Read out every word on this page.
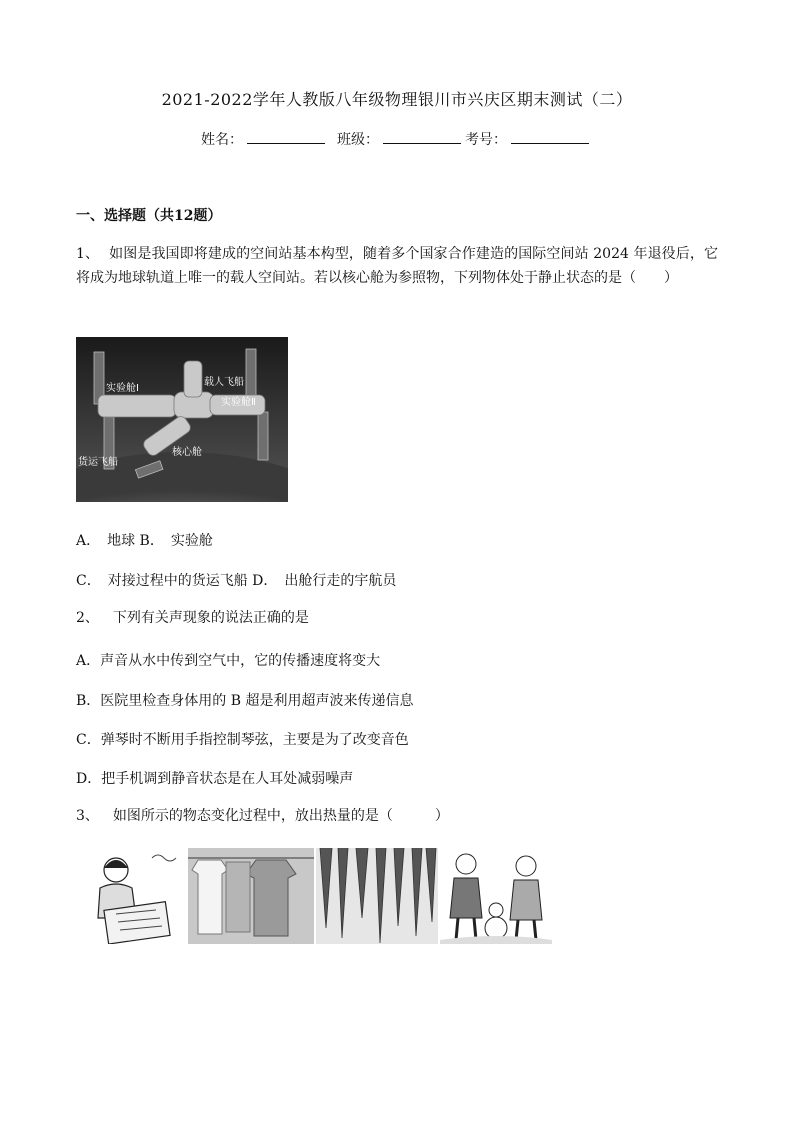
2021-2022学年人教版八年级物理银川市兴庆区期末测试（二）
姓名：	班级：	考号：
一、选择题（共12题）
1、 如图是我国即将建成的空间站基本构型，随着多个国家合作建造的国际空间站 2024 年退役后，它将成为地球轨道上唯一的载人空间站。若以核心舱为参照物，下列物体处于静止状态的是（　　）
载人飞船
实验舱Ⅰ
实验舱Ⅱ
货运飞船
核心舱
A．　地球 B．　实验舱
C．　对接过程中的货运飞船 D．　出舱行走的宇航员
2、 下列有关声现象的说法正确的是
A．声音从水中传到空气中，它的传播速度将变大
B．医院里检查身体用的 B 超是利用超声波来传递信息
C．弹琴时不断用手指控制琴弦，主要是为了改变音色
D．把手机调到静音状态是在人耳处减弱噪声
3、 如图所示的物态变化过程中，放出热量的是（　　　）
